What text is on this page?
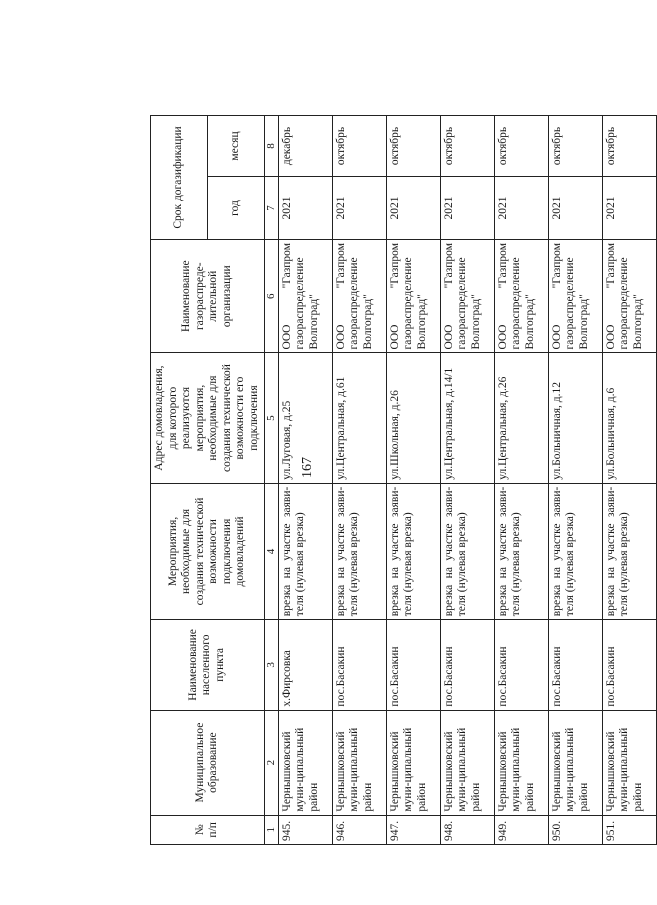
167
№
п/п	Муниципальное образование	Наименование населенного пункта	Мероприятия, необходимые для создания технической возможности подключения домовладений	Адрес домовладения, для которого реализуются мероприятия, необходимые для создания технической возможности его подключения	Наименование газораспреде-лительной организации	Срок догазификации	
						год	месяц
1	2	3	4	5	6	7	8
945.	Чернышковский муни-ципальный район	х.Фирсовка	врезка на участке заяви-теля (нулевая врезка)	ул.Луговая, д.25	ООО "Газпром газораспределение Волгоград"	2021	декабрь
946.	Чернышковский муни-ципальный район	пос.Басакин	врезка на участке заяви-теля (нулевая врезка)	ул.Центральная, д.61	ООО "Газпром газораспределение Волгоград"	2021	октябрь
947.	Чернышковский муни-ципальный район	пос.Басакин	врезка на участке заяви-теля (нулевая врезка)	ул.Школьная, д.26	ООО "Газпром газораспределение Волгоград"	2021	октябрь
948.	Чернышковский муни-ципальный район	пос.Басакин	врезка на участке заяви-теля (нулевая врезка)	ул.Центральная, д.14/1	ООО "Газпром газораспределение Волгоград"	2021	октябрь
949.	Чернышковский муни-ципальный район	пос.Басакин	врезка на участке заяви-теля (нулевая врезка)	ул.Центральная, д.26	ООО "Газпром газораспределение Волгоград"	2021	октябрь
950.	Чернышковский муни-ципальный район	пос.Басакин	врезка на участке заяви-теля (нулевая врезка)	ул.Больничная, д.12	ООО "Газпром газораспределение Волгоград"	2021	октябрь
951.	Чернышковский муни-ципальный район	пос.Басакин	врезка на участке заяви-теля (нулевая врезка)	ул.Больничная, д.6	ООО "Газпром газораспределение Волгоград"	2021	октябрь
